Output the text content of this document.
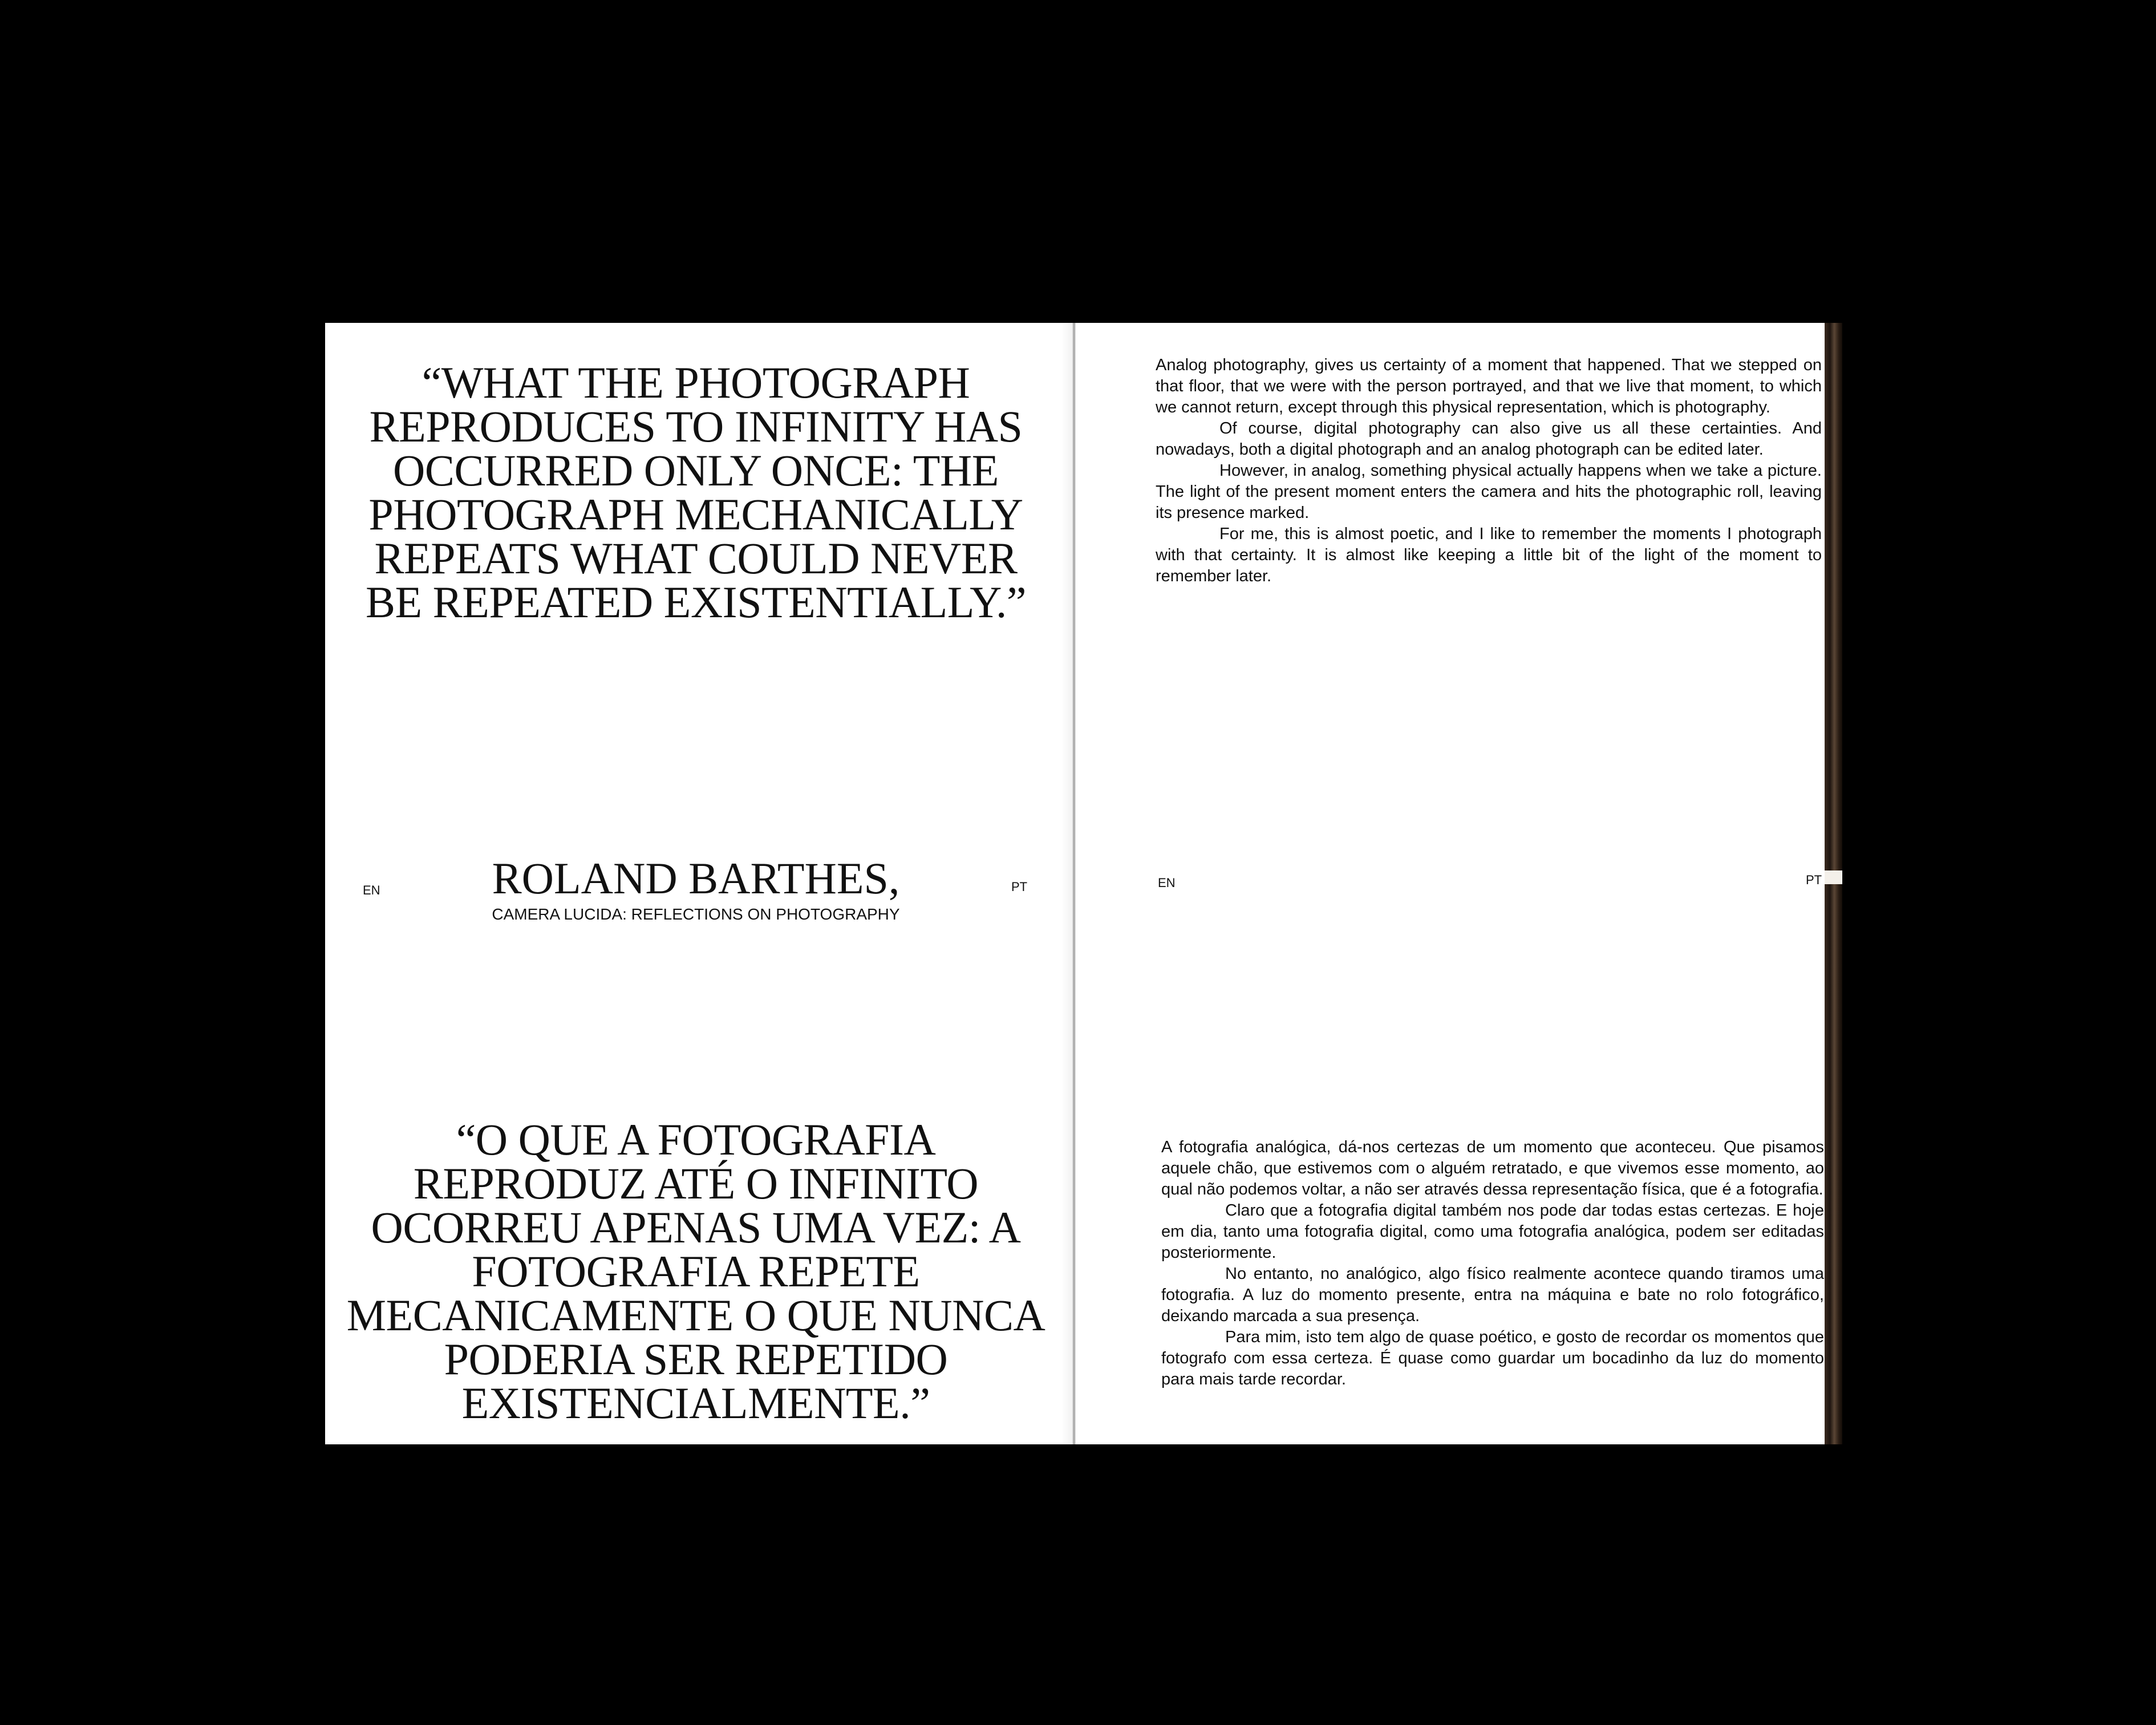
“WHAT THE PHOTOGRAPH REPRODUCES TO INFINITY HAS OCCURRED ONLY ONCE: THE PHOTOGRAPH MECHANICALLY REPEATS WHAT COULD NEVER BE REPEATED EXISTENTIALLY.”
EN	ROLAND BARTHES,	PT
CAMERA LUCIDA: REFLECTIONS ON PHOTOGRAPHY
“O QUE A FOTOGRAFIA REPRODUZ ATÉ O INFINITO OCORREU APENAS UMA VEZ: A FOTOGRAFIA REPETE MECANICAMENTE O QUE NUNCA PODERIA SER REPETIDO EXISTENCIALMENTE.”

Analog photography, gives us certainty of a moment that happened. That we stepped on that floor, that we were with the person portrayed, and that we live that moment, to which we cannot return, except through this physical representation, which is photography.

Of course, digital photography can also give us all these certainties. And nowadays, both a digital photograph and an analog photograph can be edited later.

However, in analog, something physical actually happens when we take a picture. The light of the present moment enters the camera and hits the photographic roll, leaving its presence marked.

For me, this is almost poetic, and I like to remember the moments I photograph with that certainty. It is almost like keeping a little bit of the light of the moment to remember later.

EN	PT

A fotografia analógica, dá-nos certezas de um momento que aconteceu. Que pisamos aquele chão, que estivemos com o alguém retratado, e que vivemos esse momento, ao qual não podemos voltar, a não ser através dessa representação física, que é a fotografia.

Claro que a fotografia digital também nos pode dar todas estas certezas. E hoje em dia, tanto uma fotografia digital, como uma fotografia analógica, podem ser editadas posteriormente.

No entanto, no analógico, algo físico realmente acontece quando tiramos uma fotografia. A luz do momento presente, entra na máquina e bate no rolo fotográfico, deixando marcada a sua presença.

Para mim, isto tem algo de quase poético, e gosto de recordar os momentos que fotografo com essa certeza. É quase como guardar um bocadinho da luz do momento para mais tarde recordar.
